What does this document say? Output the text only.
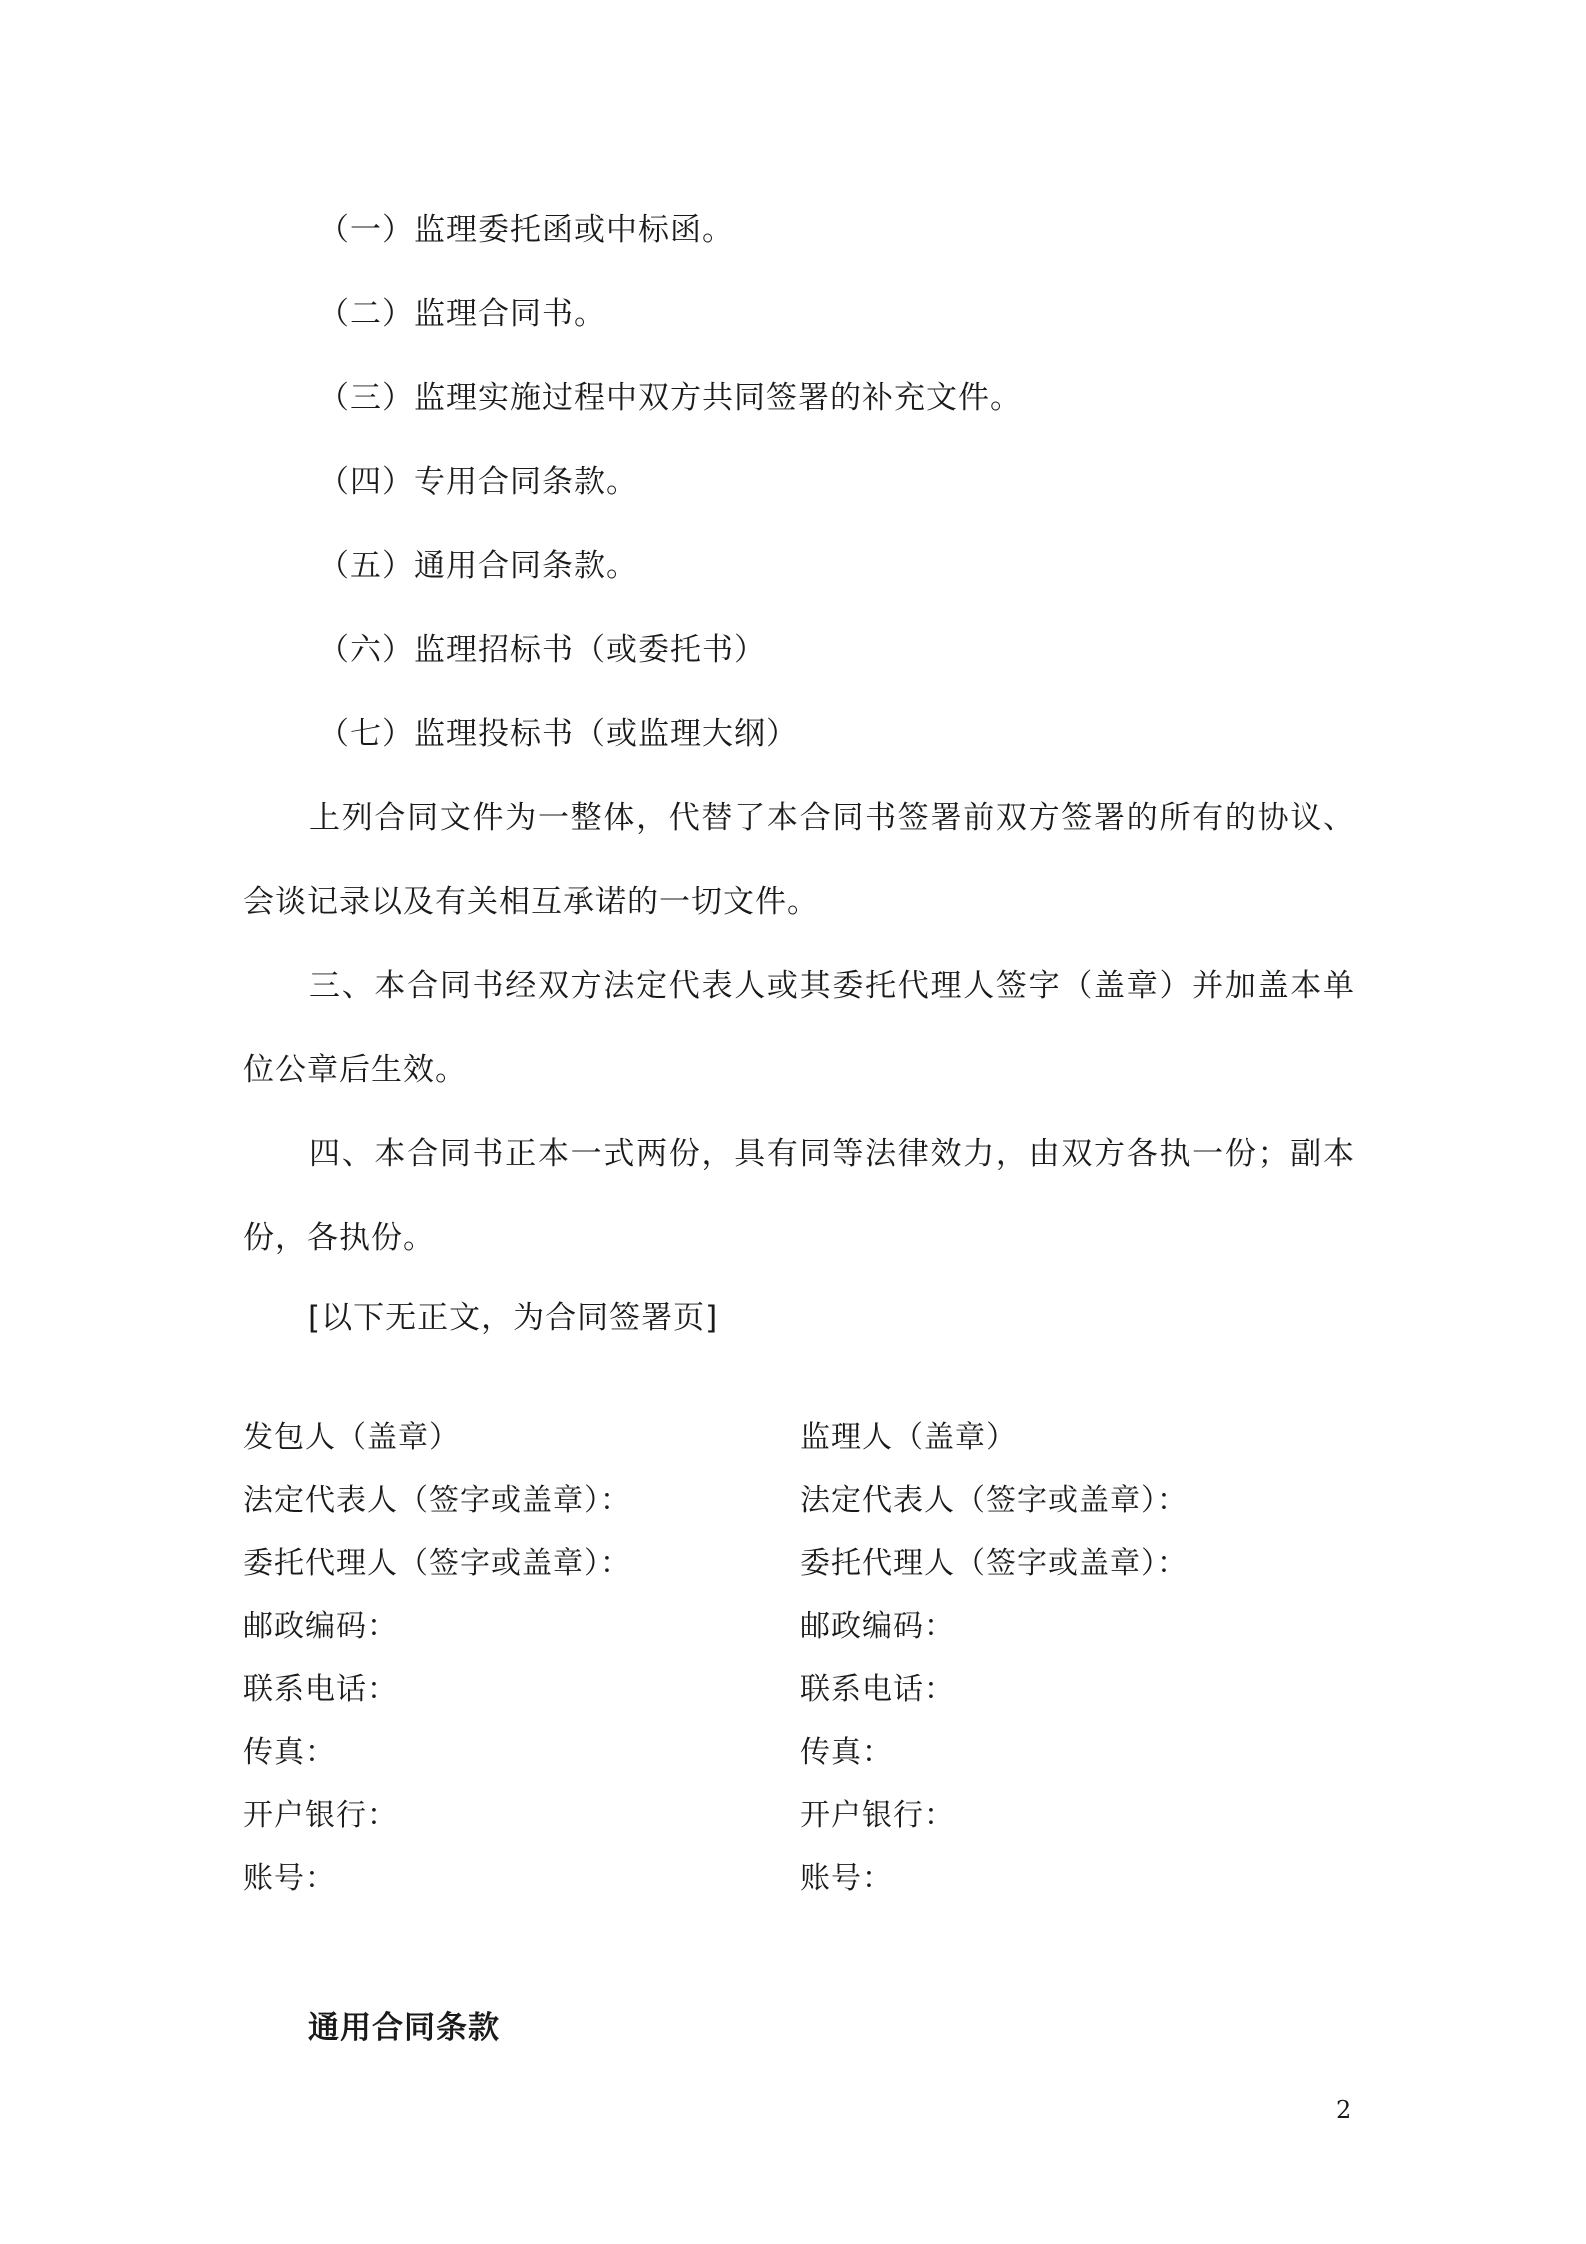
（一）监理委托函或中标函。
（二）监理合同书。
（三）监理实施过程中双方共同签署的补充文件。
（四）专用合同条款。
（五）通用合同条款。
（六）监理招标书（或委托书）
（七）监理投标书（或监理大纲）

上列合同文件为一整体，代替了本合同书签署前双方签署的所有的协议、会谈记录以及有关相互承诺的一切文件。

三、本合同书经双方法定代表人或其委托代理人签字（盖章）并加盖本单位公章后生效。

四、本合同书正本一式两份，具有同等法律效力，由双方各执一份；副本份，各执份。

[以下无正文，为合同签署页]
发包人（盖章）
法定代表人（签字或盖章）：
委托代理人（签字或盖章）：
邮政编码：
联系电话：
传真：
开户银行：
账号：
监理人（盖章）
法定代表人（签字或盖章）：
委托代理人（签字或盖章）：
邮政编码：
联系电话：
传真：
开户银行：
账号：
通用合同条款
2
